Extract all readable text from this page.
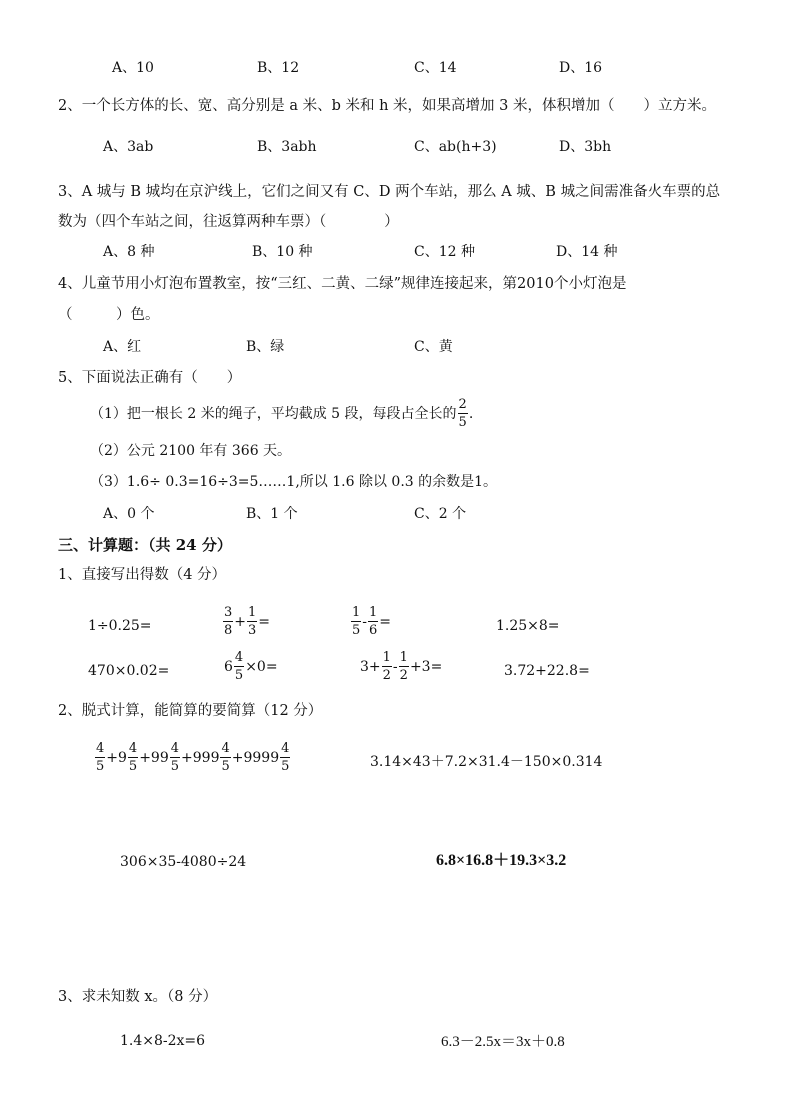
A、10	B、12	C、14	D、16
2、一个长方体的长、宽、高分别是 a 米、b 米和 h 米，如果高增加 3 米，体积增加（　　）立方米。
A、3ab	B、3abh	C、ab(h+3)	D、3bh
3、A 城与 B 城均在京沪线上，它们之间又有 C、D 两个车站，那么 A 城、B 城之间需准备火车票的总
数为（四个车站之间，往返算两种车票）（　　　　）
A、8 种	B、10 种	C、12 种	D、14 种
4、儿童节用小灯泡布置教室，按“三红、二黄、二绿”规律连接起来，第2010个小灯泡是
（　　　）色。
A、红	B、绿	C、黄
5、下面说法正确有（　　）
（1）把一根长 2 米的绳子，平均截成 5 段，每段占全长的 $\frac{2}{5}$ .
（2）公元 2100 年有 366 天。
（3）1.6÷ 0.3=16÷3=5……1,所以 1.6 除以 0.3 的余数是1。
A、0 个	B、1 个	C、2 个
三、计算题：（共 24 分）
1、直接写出得数（4 分）
1÷0.25=	$\frac{3}{8} + \frac{1}{3}$ =	$\frac{1}{5} - \frac{1}{6}$ =	1.25×8=
470×0.02=	$6 \frac{4}{5} \times 0=$	$3+ \frac{1}{2} - \frac{1}{2} +3=$	3.72+22.8=
2、脱式计算，能简算的要简算（12 分）
$\frac{4}{5} +9 \frac{4}{5} +99 \frac{4}{5} +999 \frac{4}{5} +9999 \frac{4}{5}$	3.14×43＋7.2×31.4－150×0.314
306×35-4080÷24	6.8×16.8＋19.3×3.2
3、求未知数 x。（8 分）
1.4×8-2x=6	6.3－2.5x＝3x＋0.8
